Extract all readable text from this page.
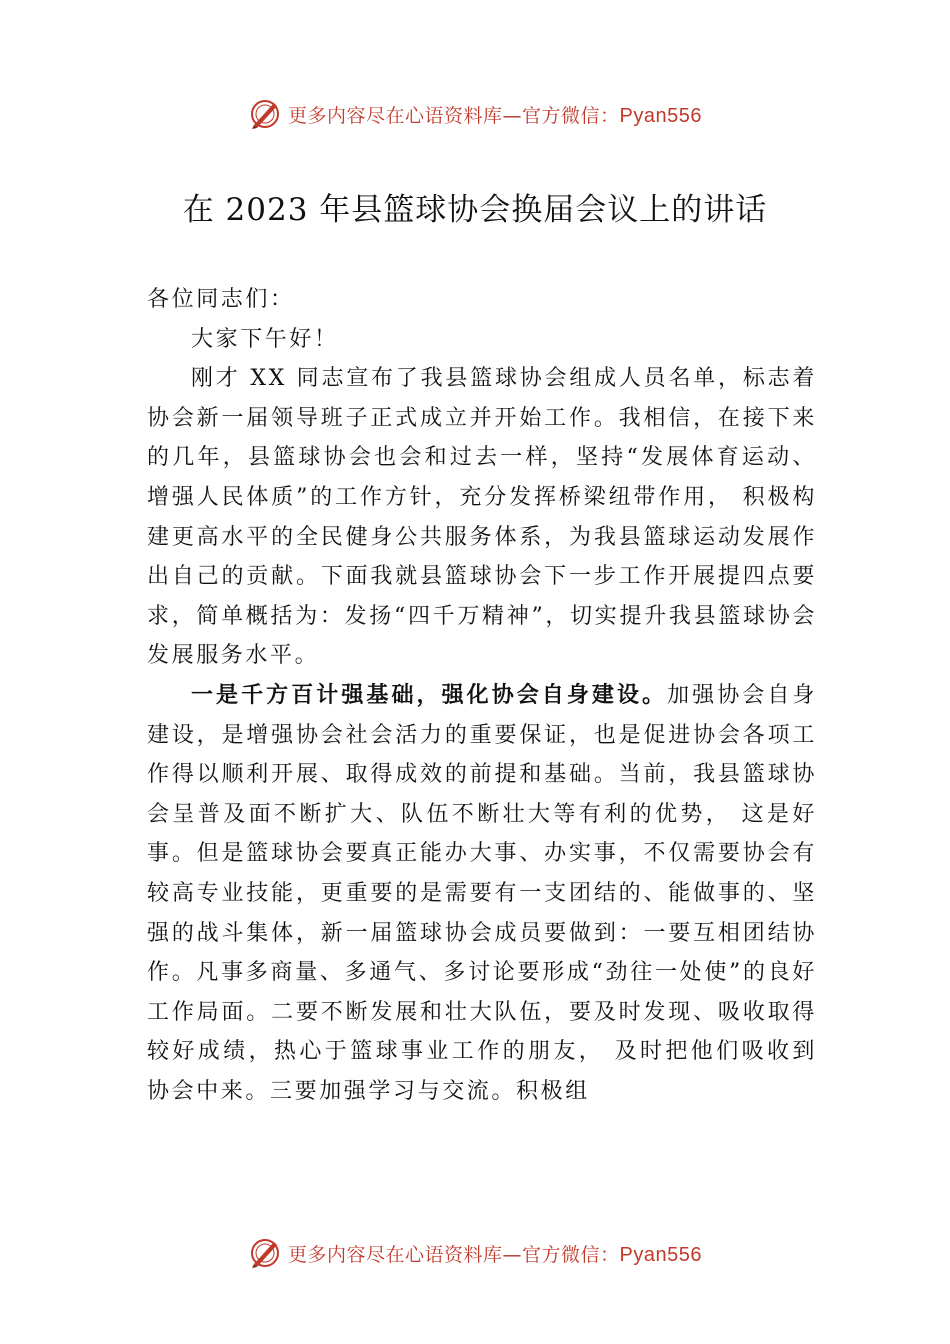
更多内容尽在心语资料库—官方微信：Pyan556
在 2023 年县篮球协会换届会议上的讲话

各位同志们：

大家下午好！

刚才 XX 同志宣布了我县篮球协会组成人员名单，标志着协会新一届领导班子正式成立并开始工作。我相信，在接下来的几年，县篮球协会也会和过去一样，坚持“发展体育运动、增强人民体质”的工作方针，充分发挥桥梁纽带作用， 积极构建更高水平的全民健身公共服务体系，为我县篮球运动发展作出自己的贡献。下面我就县篮球协会下一步工作开展提四点要求，简单概括为：发扬“四千万精神”，切实提升我县篮球协会发展服务水平。

一是千方百计强基础，强化协会自身建设。加强协会自身建设，是增强协会社会活力的重要保证，也是促进协会各项工作得以顺利开展、取得成效的前提和基础。当前，我县篮球协会呈普及面不断扩大、队伍不断壮大等有利的优势， 这是好事。但是篮球协会要真正能办大事、办实事，不仅需要协会有较高专业技能，更重要的是需要有一支团结的、能做事的、坚强的战斗集体，新一届篮球协会成员要做到：一要互相团结协作。凡事多商量、多通气、多讨论要形成“劲往一处使”的良好工作局面。二要不断发展和壮大队伍，要及时发现、吸收取得较好成绩，热心于篮球事业工作的朋友， 及时把他们吸收到协会中来。三要加强学习与交流。积极组

更多内容尽在心语资料库—官方微信：Pyan556
